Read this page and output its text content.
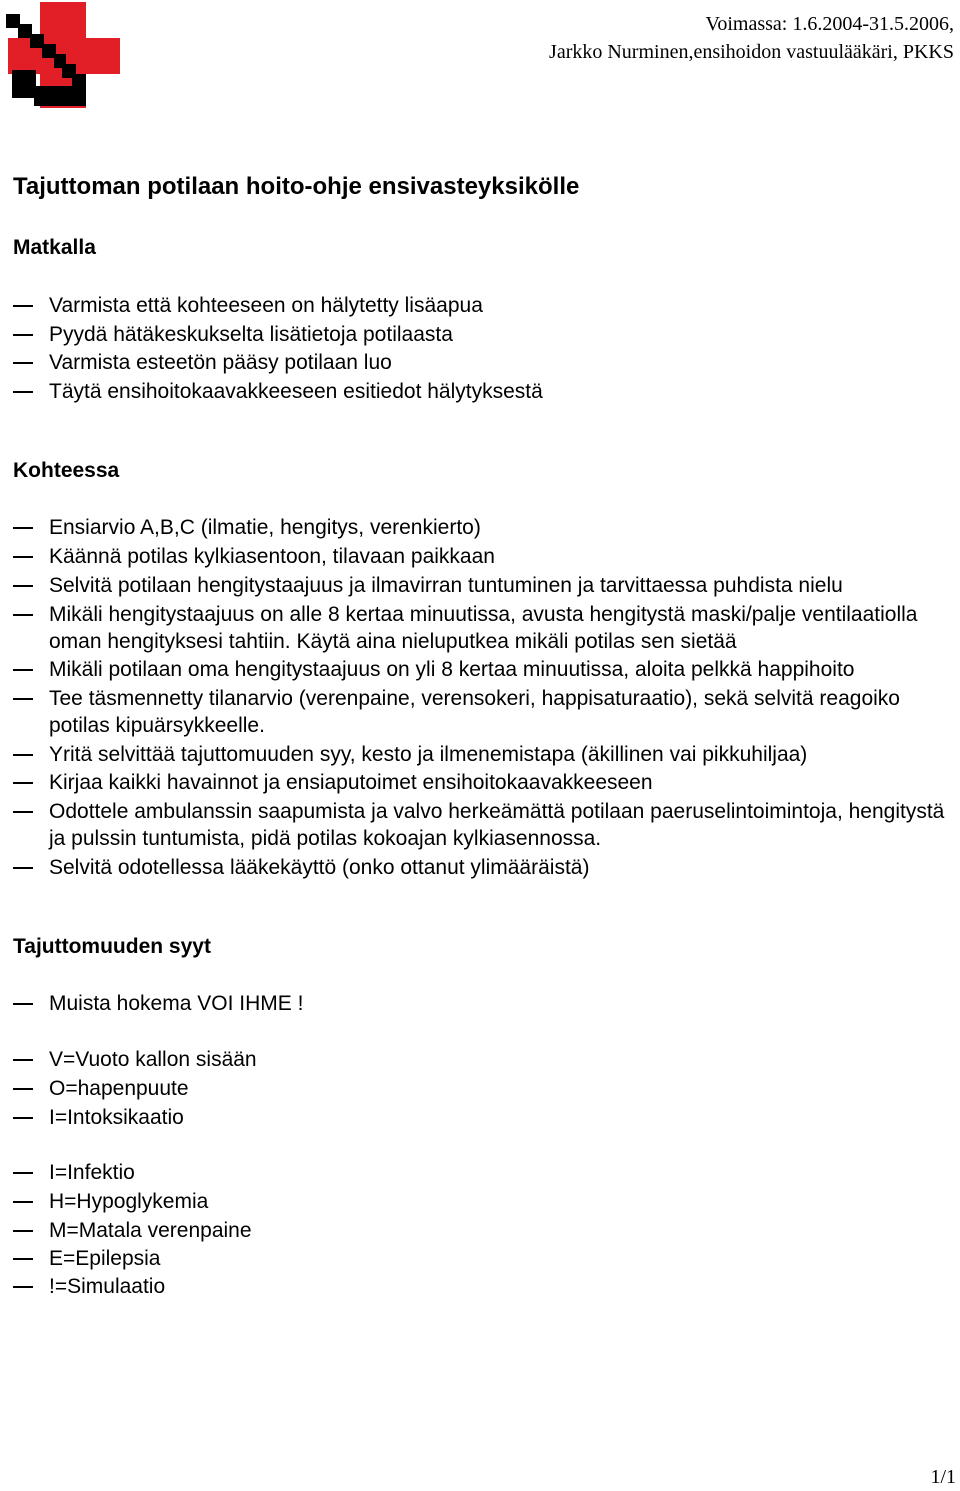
Voimassa: 1.6.2004-31.5.2006,
Jarkko Nurminen,ensihoidon vastuulääkäri, PKKS
Tajuttoman potilaan hoito-ohje ensivasteyksikölle
Matkalla

Varmista että kohteeseen on hälytetty lisäapua

Pyydä hätäkeskukselta lisätietoja potilaasta

Varmista esteetön pääsy potilaan luo

Täytä ensihoitokaavakkeeseen esitiedot hälytyksestä

Kohteessa

Ensiarvio A,B,C (ilmatie, hengitys, verenkierto)

Käännä potilas kylkiasentoon, tilavaan paikkaan

Selvitä potilaan hengitystaajuus ja ilmavirran tuntuminen ja tarvittaessa puhdista nielu

Mikäli hengitystaajuus on alle 8 kertaa minuutissa, avusta hengitystä maski/palje ventilaatiolla oman hengityksesi tahtiin. Käytä aina nieluputkea mikäli potilas sen sietää

Mikäli potilaan oma hengitystaajuus on yli 8 kertaa minuutissa, aloita pelkkä happihoito

Tee täsmennetty tilanarvio (verenpaine, verensokeri, happisaturaatio), sekä selvitä reagoiko potilas kipuärsykkeelle.

Yritä selvittää tajuttomuuden syy, kesto ja ilmenemistapa (äkillinen vai pikkuhiljaa)

Kirjaa kaikki havainnot ja ensiaputoimet ensihoitokaavakkeeseen

Odottele ambulanssin saapumista ja valvo herkeämättä potilaan paeruselintoimintoja, hengitystä ja pulssin tuntumista, pidä potilas kokoajan kylkiasennossa.

Selvitä odotellessa lääkekäyttö (onko ottanut ylimääräistä)

Tajuttomuuden syyt

Muista hokema VOI IHME !

V=Vuoto kallon sisään

O=hapenpuute

I=Intoksikaatio

I=Infektio

H=Hypoglykemia

M=Matala verenpaine

E=Epilepsia

!=Simulaatio

1/1
